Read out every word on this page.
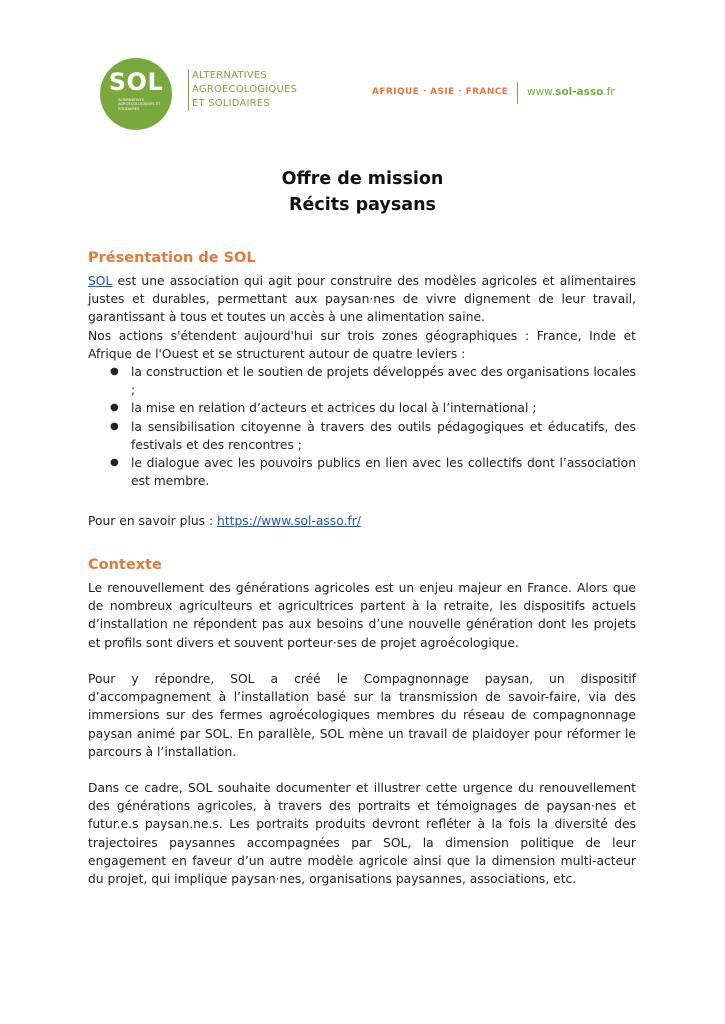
SOL
ALTERNATIVES AGROÉCOLOGIQUES ET SOLIDAIRES
ALTERNATIVES
AGROÉCOLOGIQUES
ET SOLIDAIRES
AFRIQUE · ASIE · FRANCE www.sol-asso.fr
Offre de mission
Récits paysans
Présentation de SOL
SOL est une association qui agit pour construire des modèles agricoles et alimentaires justes et durables, permettant aux paysan·nes de vivre dignement de leur travail, garantissant à tous et toutes un accès à une alimentation saine.
Nos actions s'étendent aujourd'hui sur trois zones géographiques : France, Inde et Afrique de l'Ouest et se structurent autour de quatre leviers :
● la construction et le soutien de projets développés avec des organisations locales ;
● la mise en relation d’acteurs et actrices du local à l’international ;
● la sensibilisation citoyenne à travers des outils pédagogiques et éducatifs, des festivals et des rencontres ;
● le dialogue avec les pouvoirs publics en lien avec les collectifs dont l’association est membre.
Pour en savoir plus : https://www.sol-asso.fr/
Contexte
Le renouvellement des générations agricoles est un enjeu majeur en France. Alors que de nombreux agriculteurs et agricultrices partent à la retraite, les dispositifs actuels d’installation ne répondent pas aux besoins d’une nouvelle génération dont les projets et profils sont divers et souvent porteur·ses de projet agroécologique.
Pour y répondre, SOL a créé le Compagnonnage paysan, un dispositif d’accompagnement à l’installation basé sur la transmission de savoir-faire, via des immersions sur des fermes agroécologiques membres du réseau de compagnonnage paysan animé par SOL. En parallèle, SOL mène un travail de plaidoyer pour réformer le parcours à l’installation.
Dans ce cadre, SOL souhaite documenter et illustrer cette urgence du renouvellement des générations agricoles, à travers des portraits et témoignages de paysan·nes et futur.e.s paysan.ne.s. Les portraits produits devront refléter à la fois la diversité des trajectoires paysannes accompagnées par SOL, la dimension politique de leur engagement en faveur d’un autre modèle agricole ainsi que la dimension multi-acteur du projet, qui implique paysan·nes, organisations paysannes, associations, etc.
